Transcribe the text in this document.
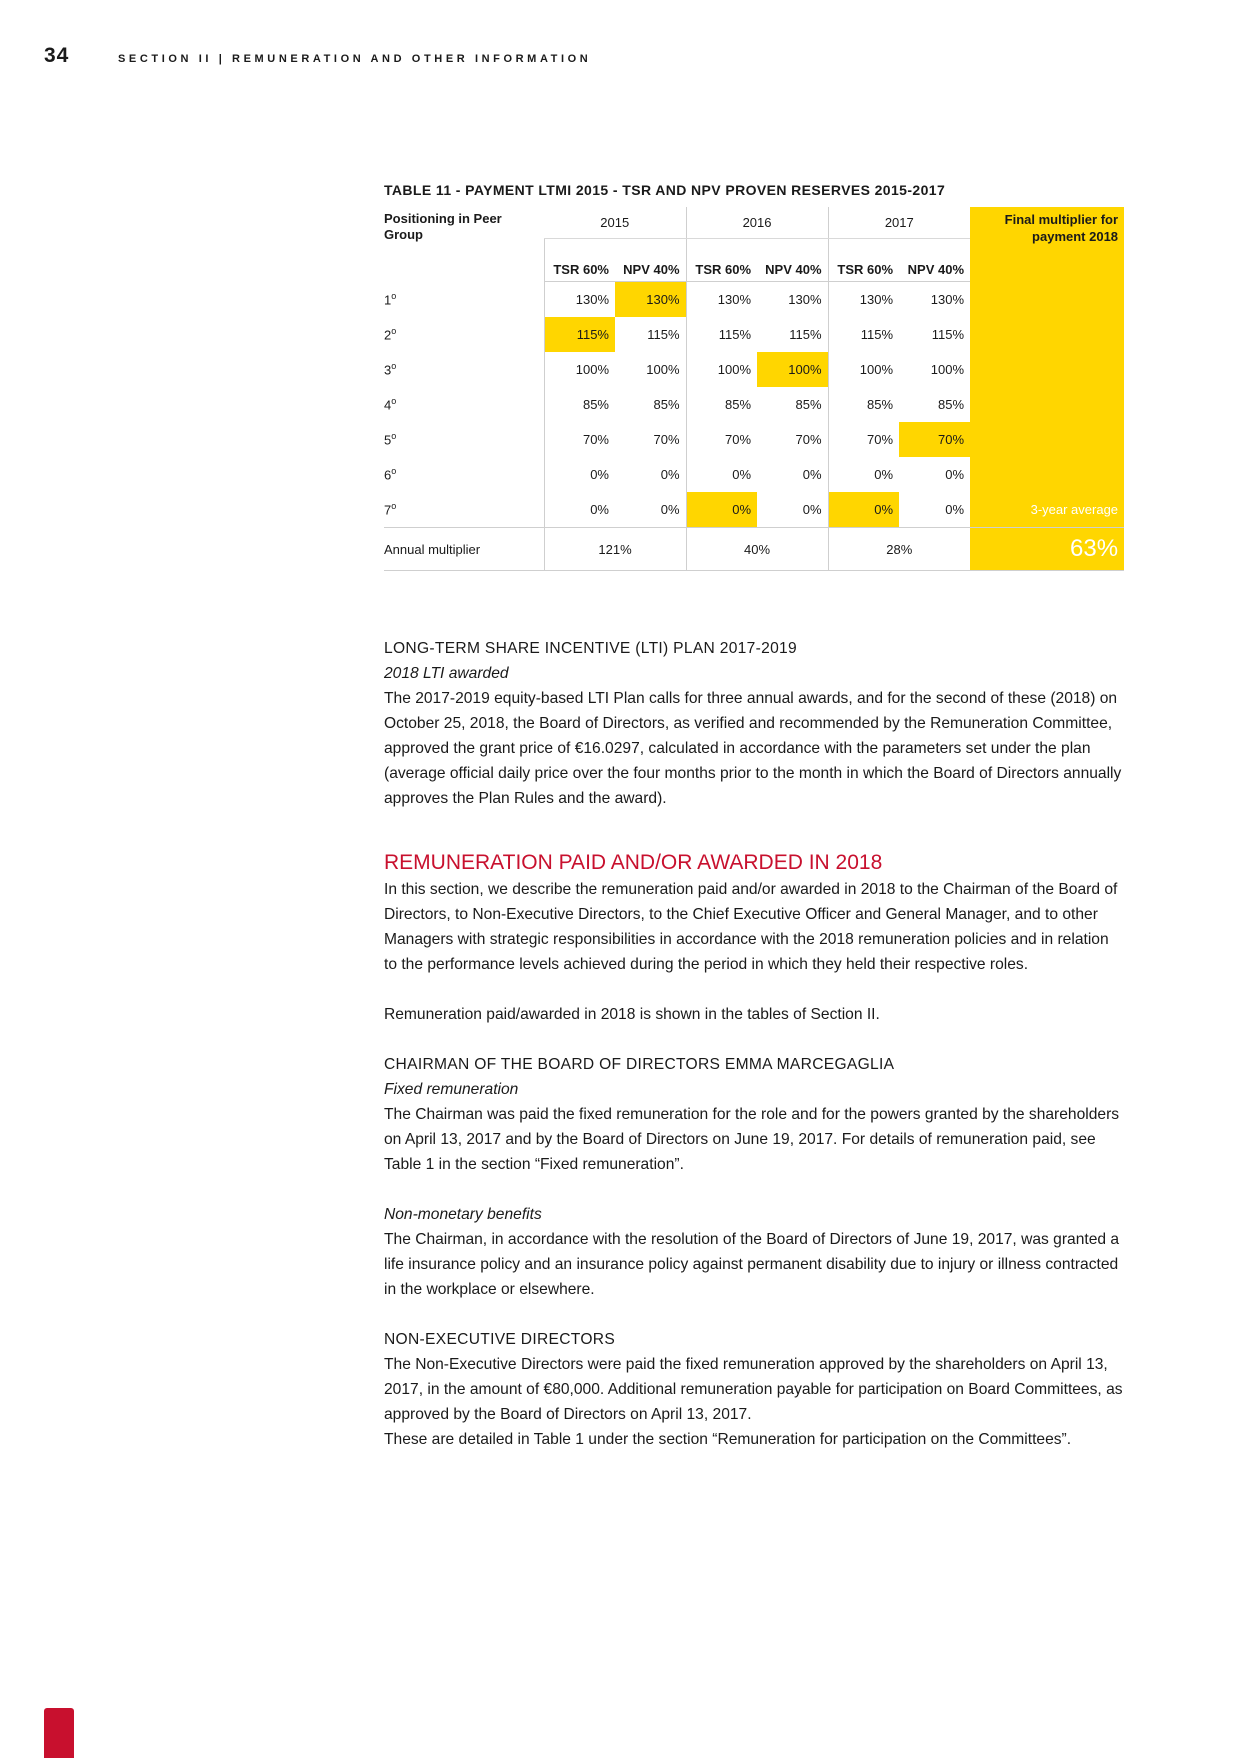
34	SECTION II | REMUNERATION AND OTHER INFORMATION
TABLE 11 - PAYMENT LTMI 2015 - TSR AND NPV PROVEN RESERVES 2015-2017
Positioning in Peer Group	2015		2016		2017		Final multiplier for payment 2018
	TSR 60%	NPV 40%	TSR 60%	NPV 40%	TSR 60%	NPV 40%	
1$^o$	130%	130%	130%	130%	130%	130%	
2$^o$	115%	115%	115%	115%	115%	115%	
3$^o$	100%	100%	100%	100%	100%	100%	
4$^o$	85%	85%	85%	85%	85%	85%	
5$^o$	70%	70%	70%	70%	70%	70%	
6$^o$	0%	0%	0%	0%	0%	0%	
7$^o$	0%	0%	0%	0%	0%	0%	3-year average
Annual multiplier	121%		40%		28%		63%

LONG-TERM SHARE INCENTIVE (LTI) PLAN 2017-2019

2018 LTI awarded

The 2017-2019 equity-based LTI Plan calls for three annual awards, and for the second of these (2018) on October 25, 2018, the Board of Directors, as verified and recommended by the Remuneration Committee, approved the grant price of €16.0297, calculated in accordance with the parameters set under the plan (average official daily price over the four months prior to the month in which the Board of Directors annually approves the Plan Rules and the award).

REMUNERATION PAID AND/OR AWARDED IN 2018

In this section, we describe the remuneration paid and/or awarded in 2018 to the Chairman of the Board of Directors, to Non-Executive Directors, to the Chief Executive Officer and General Manager, and to other Managers with strategic responsibilities in accordance with the 2018 remuneration policies and in relation to the performance levels achieved during the period in which they held their respective roles.

Remuneration paid/awarded in 2018 is shown in the tables of Section II.

CHAIRMAN OF THE BOARD OF DIRECTORS EMMA MARCEGAGLIA

Fixed remuneration

The Chairman was paid the fixed remuneration for the role and for the powers granted by the shareholders on April 13, 2017 and by the Board of Directors on June 19, 2017. For details of remuneration paid, see Table 1 in the section “Fixed remuneration”.

Non-monetary benefits

The Chairman, in accordance with the resolution of the Board of Directors of June 19, 2017, was granted a life insurance policy and an insurance policy against permanent disability due to injury or illness contracted in the workplace or elsewhere.

NON-EXECUTIVE DIRECTORS

The Non-Executive Directors were paid the fixed remuneration approved by the shareholders on April 13, 2017, in the amount of €80,000. Additional remuneration payable for participation on Board Committees, as approved by the Board of Directors on April 13, 2017.

These are detailed in Table 1 under the section “Remuneration for participation on the Committees”.
